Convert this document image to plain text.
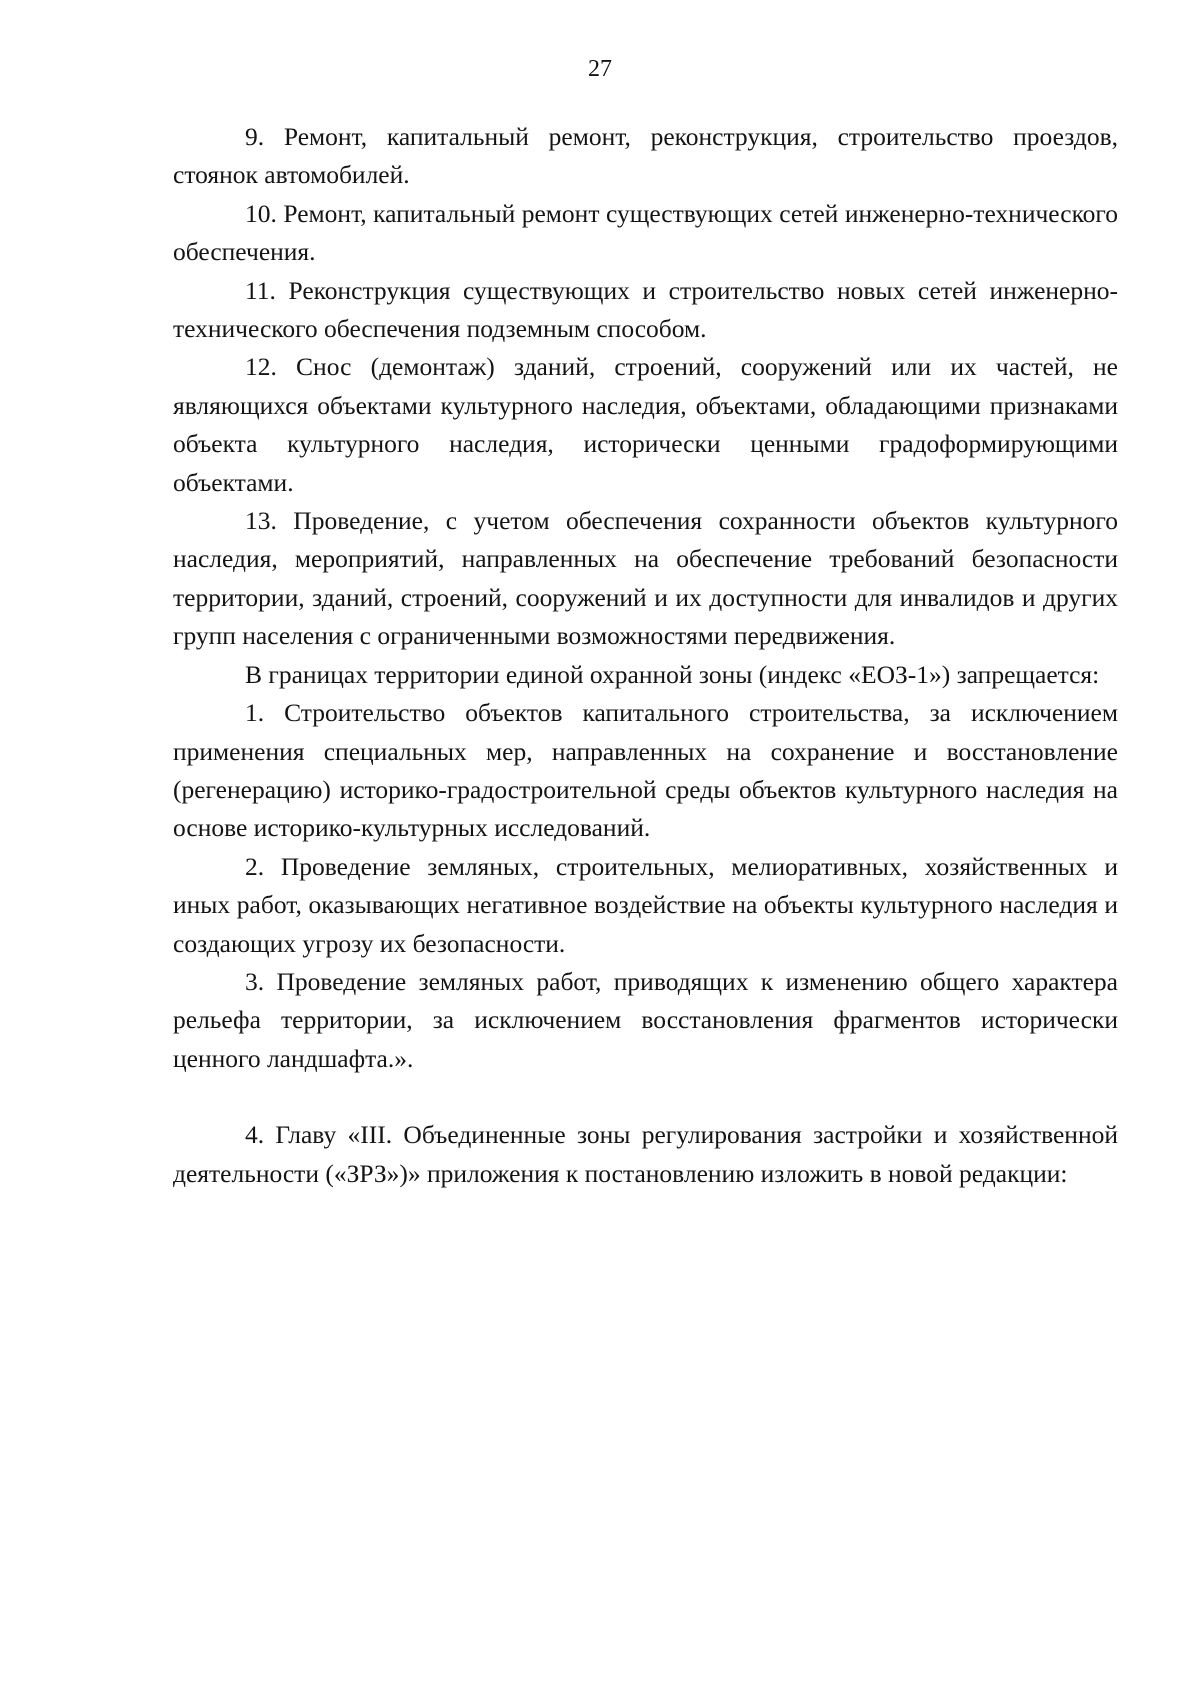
27

9. Ремонт, капитальный ремонт, реконструкция, строительство проездов, стоянок автомобилей.

10. Ремонт, капитальный ремонт существующих сетей инженерно-технического обеспечения.

11. Реконструкция существующих и строительство новых сетей инженерно-технического обеспечения подземным способом.

12. Снос (демонтаж) зданий, строений, сооружений или их частей, не являющихся объектами культурного наследия, объектами, обладающими признаками объекта культурного наследия, исторически ценными градоформирующими объектами.

13. Проведение, с учетом обеспечения сохранности объектов культурного наследия, мероприятий, направленных на обеспечение требований безопасности территории, зданий, строений, сооружений и их доступности для инвалидов и других групп населения с ограниченными возможностями передвижения.

В границах территории единой охранной зоны (индекс «ЕОЗ-1») запрещается:

1. Строительство объектов капитального строительства, за исключением применения специальных мер, направленных на сохранение и восстановление (регенерацию) историко-градостроительной среды объектов культурного наследия на основе историко-культурных исследований.

2. Проведение земляных, строительных, мелиоративных, хозяйственных и иных работ, оказывающих негативное воздействие на объекты культурного наследия и создающих угрозу их безопасности.

3. Проведение земляных работ, приводящих к изменению общего характера рельефа территории, за исключением восстановления фрагментов исторически ценного ландшафта.».

4. Главу «III. Объединенные зоны регулирования застройки и хозяйственной деятельности («ЗРЗ»)» приложения к постановлению изложить в новой редакции:
